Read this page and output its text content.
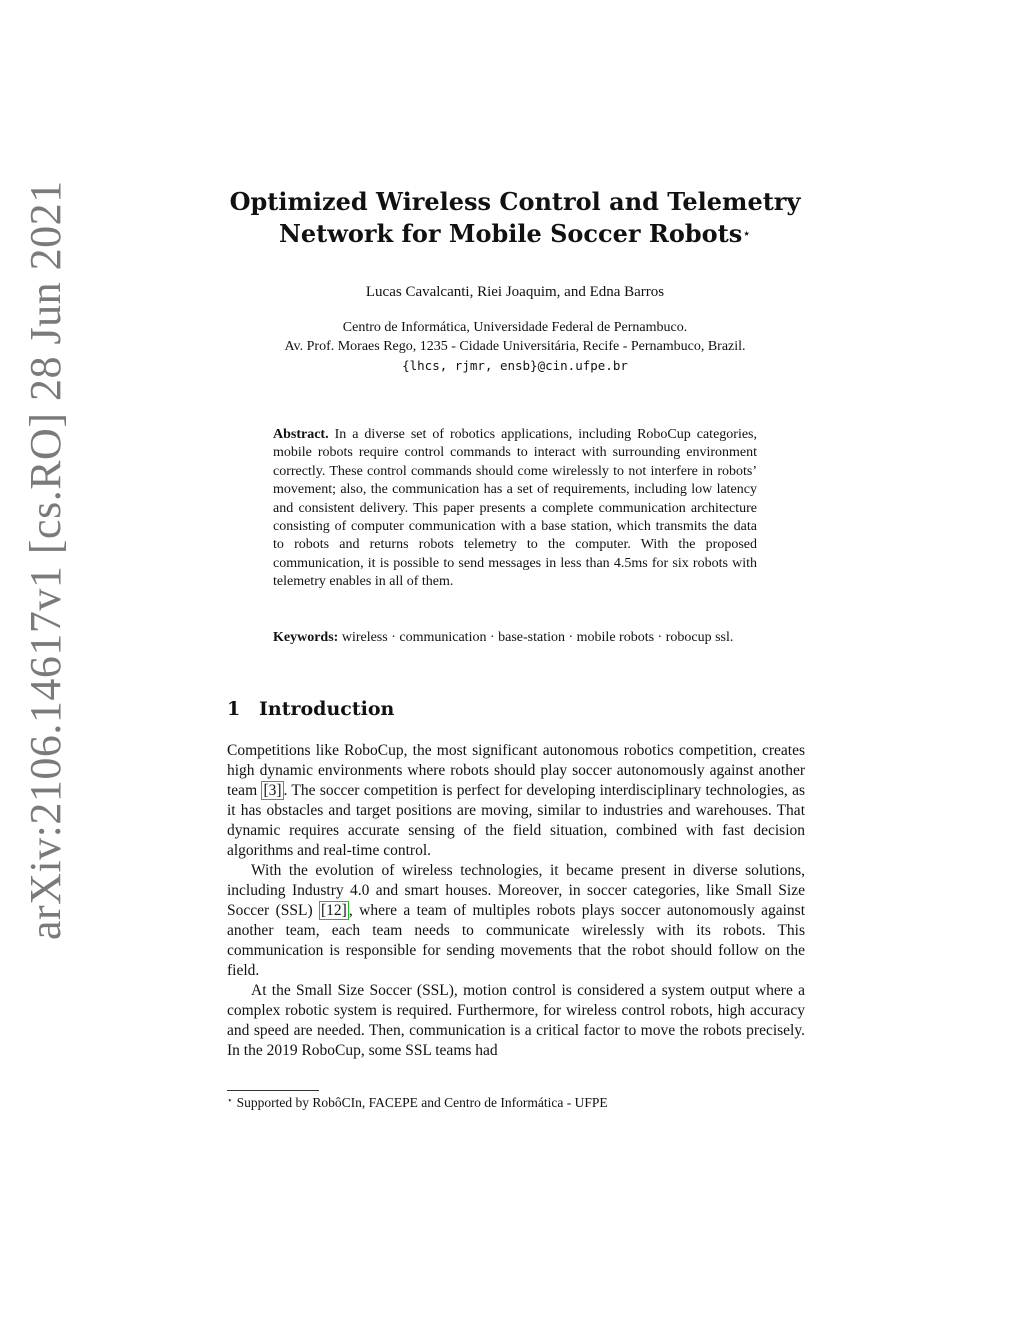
arXiv:2106.14617v1 [cs.RO] 28 Jun 2021	Optimized Wireless Control and Telemetry
Network for Mobile Soccer Robots⋆
Lucas Cavalcanti, Riei Joaquim, and Edna Barros
Centro de Informática, Universidade Federal de Pernambuco.
Av. Prof. Moraes Rego, 1235 - Cidade Universitária, Recife - Pernambuco, Brazil.
{lhcs, rjmr, ensb}@cin.ufpe.br
Abstract. In a diverse set of robotics applications, including RoboCup categories, mobile robots require control commands to interact with surrounding environment correctly. These control commands should come wirelessly to not interfere in robots’ movement; also, the communication has a set of requirements, including low latency and consistent delivery. This paper presents a complete communication architecture consisting of computer communication with a base station, which transmits the data to robots and returns robots telemetry to the computer. With the proposed communication, it is possible to send messages in less than 4.5ms for six robots with telemetry enables in all of them.
Keywords: wireless · communication · base-station · mobile robots · robocup ssl.
1 Introduction

Competitions like RoboCup, the most significant autonomous robotics competition, creates high dynamic environments where robots should play soccer autonomously against another team [3] . The soccer competition is perfect for developing interdisciplinary technologies, as it has obstacles and target positions are moving, similar to industries and warehouses. That dynamic requires accurate sensing of the field situation, combined with fast decision algorithms and real-time control.

With the evolution of wireless technologies, it became present in diverse solutions, including Industry 4.0 and smart houses. Moreover, in soccer categories, like Small Size Soccer (SSL) [12] , where a team of multiples robots plays soccer autonomously against another team, each team needs to communicate wirelessly with its robots. This communication is responsible for sending movements that the robot should follow on the field.

At the Small Size Soccer (SSL), motion control is considered a system output where a complex robotic system is required. Furthermore, for wireless control robots, high accuracy and speed are needed. Then, communication is a critical factor to move the robots precisely. In the 2019 RoboCup, some SSL teams had

⋆ Supported by RobôCIn, FACEPE and Centro de Informática - UFPE
